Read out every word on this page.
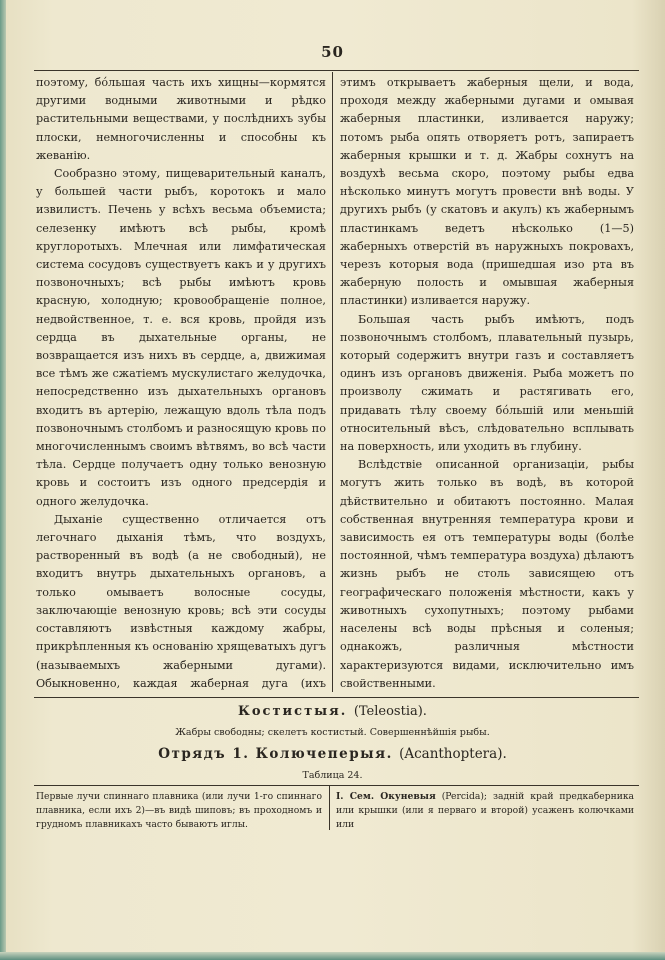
50

поэтому, бóльшая часть ихъ хищны—кормятся другими водными животными и рѣдко растительными веществами, у послѣднихъ зубы плоски, немногочисленны и способны къ жеванію.

Сообразно этому, пищеварительный каналъ, у большей части рыбъ, коротокъ и мало извилистъ. Печень у всѣхъ весьма объемиста; селезенку имѣютъ всѣ рыбы, кромѣ круглоротыхъ. Млечная или лимфатическая система сосудовъ существуетъ какъ и у другихъ позвоночныхъ; всѣ рыбы имѣютъ кровь красную, холодную; кровообращеніе полное, недвойственное, т. е. вся кровь, пройдя изъ сердца въ дыхательные органы, не возвращается изъ нихъ въ сердце, а, движимая все тѣмъ же сжатіемъ мускулистаго желудочка, непосредственно изъ дыхательныхъ органовъ входитъ въ артерію, лежащую вдоль тѣла подъ позвоночнымъ столбомъ и разносящую кровь по многочисленнымъ своимъ вѣтвямъ, во всѣ части тѣла. Сердце получаетъ одну только венозную кровь и состоитъ изъ одного предсердія и одного желудочка.

Дыханіе существенно отличается отъ легочнаго дыханія тѣмъ, что воздухъ, растворенный въ водѣ (а не свободный), не входитъ внутрь дыхательныхъ органовъ, а только омываетъ волосные сосуды, заключающіе венозную кровь; всѣ эти сосуды составляютъ извѣстныя каждому жабры, прикрѣпленныя къ основанію хрящеватыхъ дугъ (называемыхъ жаберными дугами). Обыкновенно, каждая жаберная дуга (ихъ

этимъ открываетъ жаберныя щели, и вода, проходя между жаберными дугами и омывая жаберныя пластинки, изливается наружу; потомъ рыба опять отворяетъ ротъ, запираетъ жаберныя крышки и т. д. Жабры сохнутъ на воздухѣ весьма скоро, поэтому рыбы едва нѣсколько минутъ могутъ провести внѣ воды. У другихъ рыбъ (у скатовъ и акулъ) къ жабернымъ пластинкамъ ведетъ нѣсколько (1—5) жаберныхъ отверстій въ наружныхъ покровахъ, черезъ которыя вода (пришедшая изо рта въ жаберную полость и омывшая жаберныя пластинки) изливается наружу.

Большая часть рыбъ имѣютъ, подъ позвоночнымъ столбомъ, плавательный пузырь, который содержитъ внутри газъ и составляетъ одинъ изъ органовъ движенія. Рыба можетъ по произволу сжимать и растягивать его, придавать тѣлу своему бóльшій или меньшій относительный вѣсъ, слѣдовательно всплывать на поверхность, или уходить въ глубину.

Вслѣдствіе описанной организаціи, рыбы могутъ жить только въ водѣ, въ которой дѣйствительно и обитаютъ постоянно. Малая собственная внутренняя температура крови и зависимость ея отъ температуры воды (болѣе постоянной, чѣмъ температура воздуха) дѣлаютъ жизнь рыбъ не столь зависящею отъ географическаго положенія мѣстности, какъ у животныхъ сухопутныхъ; поэтому рыбами населены всѣ воды прѣсныя и соленыя; однакожъ, различныя мѣстности характеризуются видами, исключительно имъ свойственными.

Костистыя. (Teleostia).
Жабры свободны; скелетъ костистый. Совершеннѣйшія рыбы.
Отрядъ 1. Колючеперыя. (Acanthoptera).
Таблица 24.
Первые лучи спиннаго плавника (или лучи 1-го спиннаго плавника, если ихъ 2)—въ видѣ шиповъ; въ проходномъ и грудномъ плавникахъ часто бываютъ иглы.
I. Сем. Окуневыя (Percida); задній край предкаберника или крышки (или я перваго и второй) усаженъ колючками или
